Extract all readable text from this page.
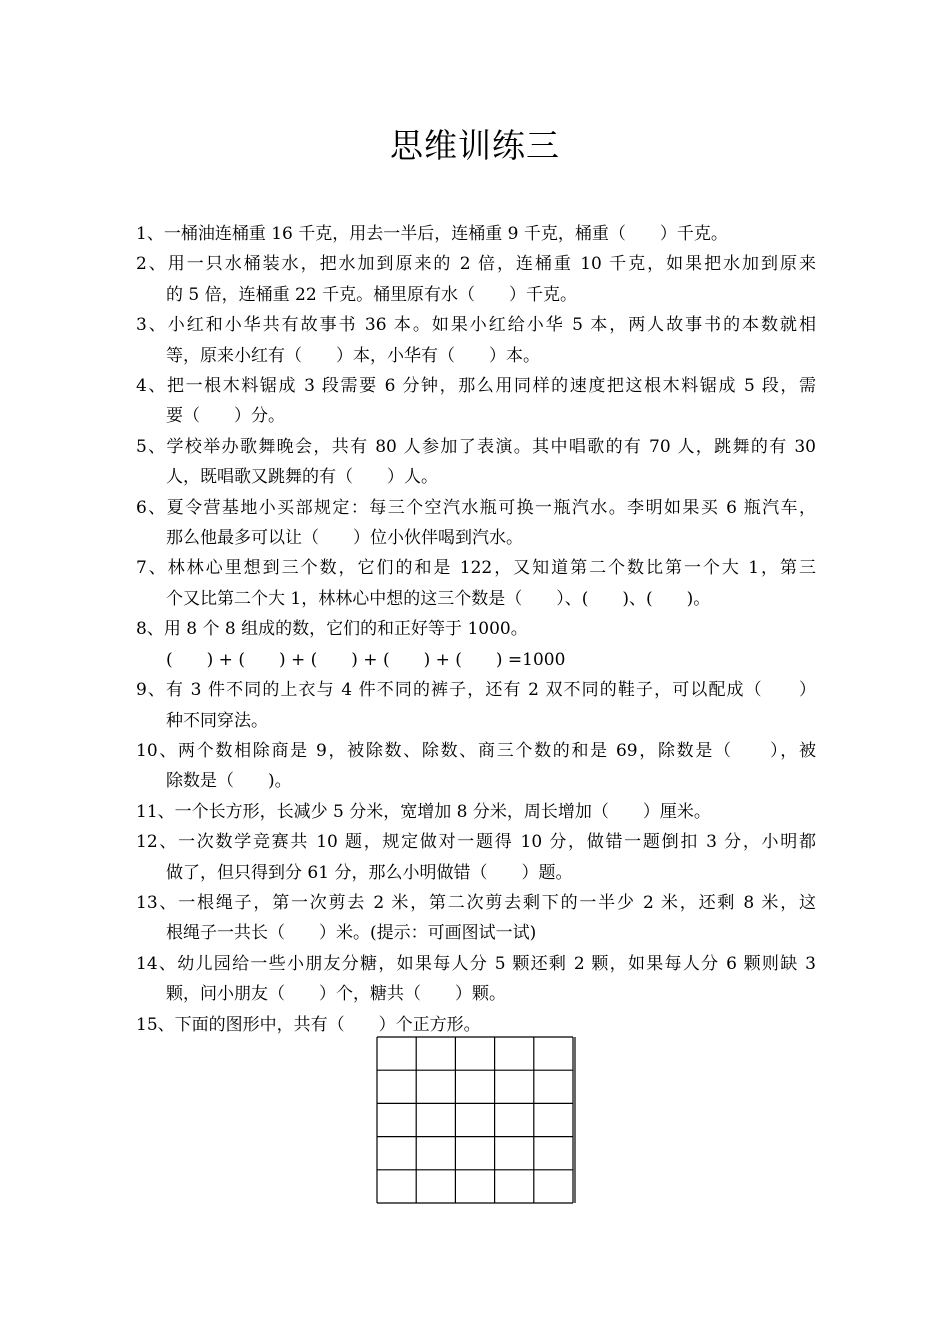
思维训练三
1、一桶油连桶重 16 千克，用去一半后，连桶重 9 千克，桶重（　　）千克。
2、用一只水桶装水，把水加到原来的 2 倍，连桶重 10 千克，如果把水加到原来
的 5 倍，连桶重 22 千克。桶里原有水（　　）千克。
3、小红和小华共有故事书 36 本。如果小红给小华 5 本，两人故事书的本数就相
等，原来小红有（　　）本，小华有（　　）本。
4、把一根木料锯成 3 段需要 6 分钟，那么用同样的速度把这根木料锯成 5 段，需
要（　　）分。
5、学校举办歌舞晚会，共有 80 人参加了表演。其中唱歌的有 70 人，跳舞的有 30
人，既唱歌又跳舞的有（　　）人。
6、夏令营基地小买部规定：每三个空汽水瓶可换一瓶汽水。李明如果买 6 瓶汽车，
那么他最多可以让（　　）位小伙伴喝到汽水。
7、林林心里想到三个数，它们的和是 122，又知道第二个数比第一个大 1，第三
个又比第二个大 1，林林心中想的这三个数是（　　）、(　　)、(　　)。
8、用 8 个 8 组成的数，它们的和正好等于 1000。
(　　) + (　　) + (　　) + (　　) + (　　) =1000
9、有 3 件不同的上衣与 4 件不同的裤子，还有 2 双不同的鞋子，可以配成（　　）
种不同穿法。
10、两个数相除商是 9，被除数、除数、商三个数的和是 69，除数是（　　），被
除数是（　　)。
11、一个长方形，长减少 5 分米，宽增加 8 分米，周长增加（　　）厘米。
12、一次数学竞赛共 10 题，规定做对一题得 10 分，做错一题倒扣 3 分，小明都
做了，但只得到分 61 分，那么小明做错（　　）题。
13、一根绳子，第一次剪去 2 米，第二次剪去剩下的一半少 2 米，还剩 8 米，这
根绳子一共长（　　）米。(提示：可画图试一试)
14、幼儿园给一些小朋友分糖，如果每人分 5 颗还剩 2 颗，如果每人分 6 颗则缺 3
颗，问小朋友（　　）个，糖共（　　）颗。
15、下面的图形中，共有（　　）个正方形。
